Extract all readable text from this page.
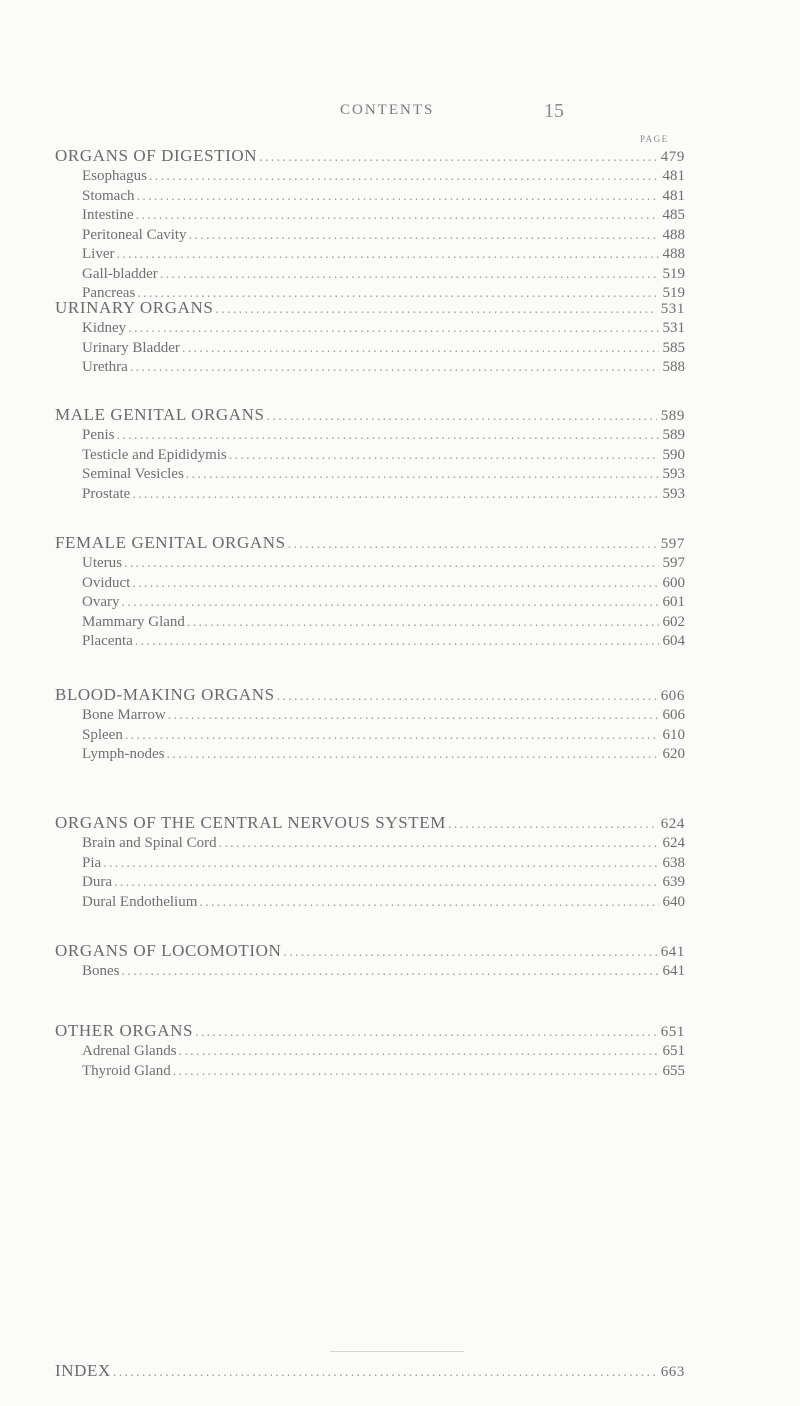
CONTENTS	15
PAGE
ORGANS OF DIGESTION . . .	479
Esophagus . . .	481
Stomach . . .	481
Intestine . . .	485
Peritoneal Cavity . . .	488
Liver . . .	488
Gall-bladder . . .	519
Pancreas . . .	519
URINARY ORGANS . . .	531
Kidney . . .	531
Urinary Bladder . . .	585
Urethra . . .	588
MALE GENITAL ORGANS . . .	589
Penis . . .	589
Testicle and Epididymis . . .	590
Seminal Vesicles . . .	593
Prostate . . .	593
FEMALE GENITAL ORGANS . . .	597
Uterus . . .	597
Oviduct . . .	600
Ovary . . .	601
Mammary Gland . . .	602
Placenta . . .	604
BLOOD-MAKING ORGANS . . .	606
Bone Marrow . . .	606
Spleen . . .	610
Lymph-nodes . . .	620
ORGANS OF THE CENTRAL NERVOUS SYSTEM . . .	624
Brain and Spinal Cord . . .	624
Pia . . .	638
Dura . . .	639
Dural Endothelium . . .	640
ORGANS OF LOCOMOTION . . .	641
Bones . . .	641
OTHER ORGANS . . .	651
Adrenal Glands . . .	651
Thyroid Gland . . .	655
INDEX . . .	663
